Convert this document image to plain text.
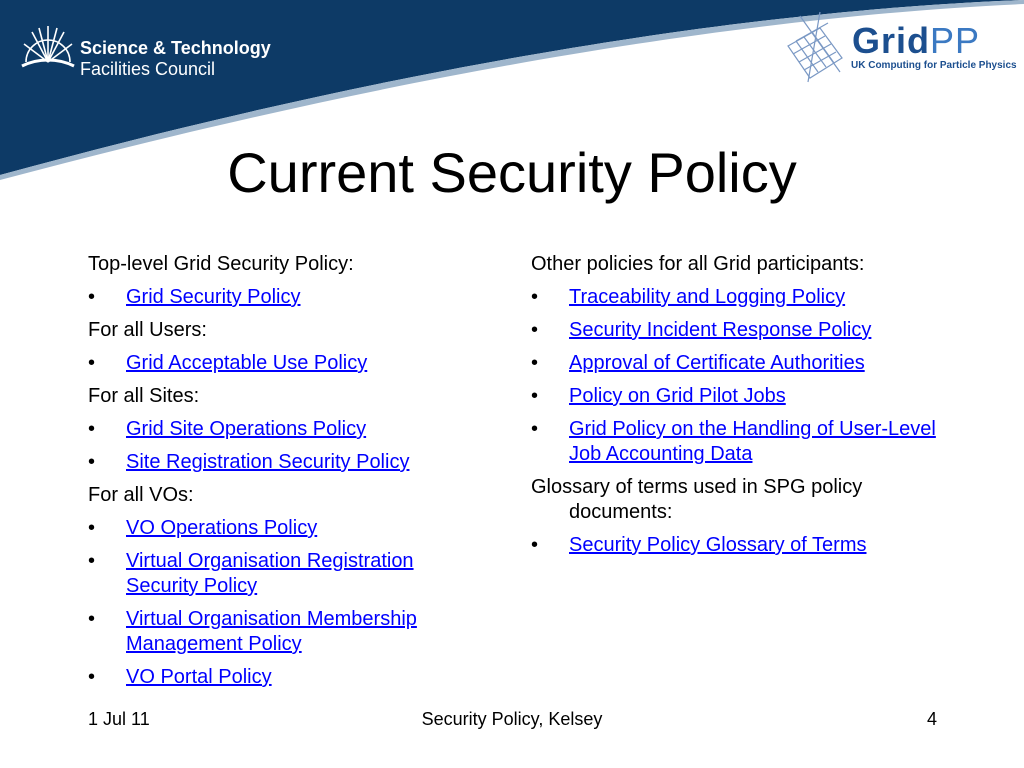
Science & Technology
Facilities Council
GridPP
UK Computing for Particle Physics
Current Security Policy
Top-level Grid Security Policy:
• Grid Security Policy
For all Users:
• Grid Acceptable Use Policy
For all Sites:
• Grid Site Operations Policy
• Site Registration Security Policy
For all VOs:
• VO Operations Policy
• Virtual Organisation Registration Security Policy
• Virtual Organisation Membership Management Policy
• VO Portal Policy
Other policies for all Grid participants:
• Traceability and Logging Policy
• Security Incident Response Policy
• Approval of Certificate Authorities
• Policy on Grid Pilot Jobs
• Grid Policy on the Handling of User-Level Job Accounting Data
Glossary of terms used in SPG policy documents:
• Security Policy Glossary of Terms
1 Jul 11	Security Policy, Kelsey	4
